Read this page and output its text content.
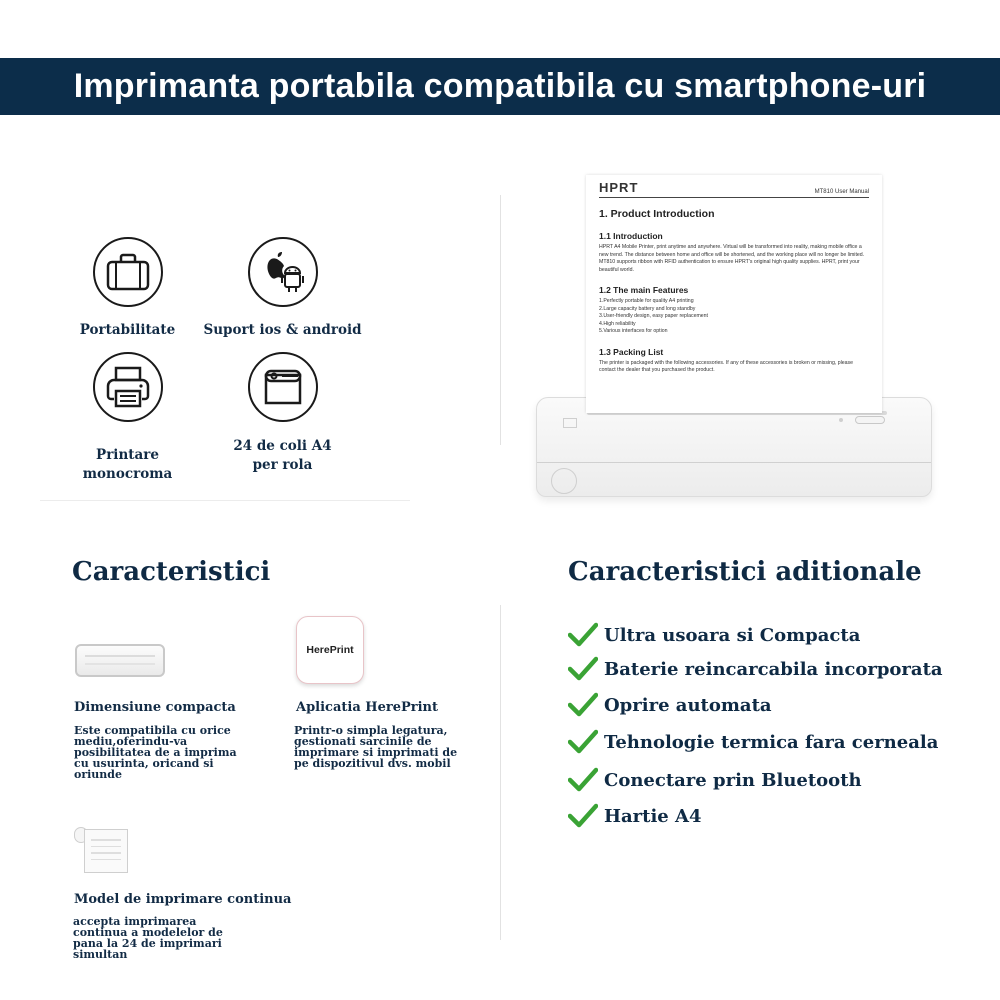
Imprimanta portabila compatibila cu smartphone-uri
Portabilitate	Suport ios & android
Printare
monocroma
24 de coli A4
per rola
HPRT	MT810 User Manual
1. Product Introduction
1.1 Introduction
HPRT A4 Mobile Printer, print anytime and anywhere. Virtual will be transformed into reality, making mobile office a new trend. The distance between home and office will be shortened, and the working place will no longer be limited. MT810 supports ribbon with RFID authentication to ensure HPRT's original high quality supplies. HPRT, print your beautiful world.
1.2 The main Features
1.Perfectly portable for quality A4 printing
2.Large capacity battery and long standby
3.User-friendly design, easy paper replacement
4.High reliability
5.Various interfaces for option
1.3 Packing List
The printer is packaged with the following accessories. If any of these accessories is broken or missing, please contact the dealer that you purchased the product.
Caracteristici
Dimensiune compacta
Este compatibila cu orice
mediu,oferindu-va
posibilitatea de a imprima
cu usurinta, oricand si
oriunde
HerePrint
Aplicatia HerePrint
Printr-o simpla legatura,
gestionati sarcinile de
imprimare si imprimati de
pe dispozitivul dvs. mobil
Model de imprimare continua
accepta imprimarea
continua a modelelor de
pana la 24 de imprimari
simultan
Caracteristici aditionale
Ultra usoara si Compacta
Baterie reincarcabila incorporata
Oprire automata
Tehnologie termica fara cerneala
Conectare prin Bluetooth
Hartie A4
